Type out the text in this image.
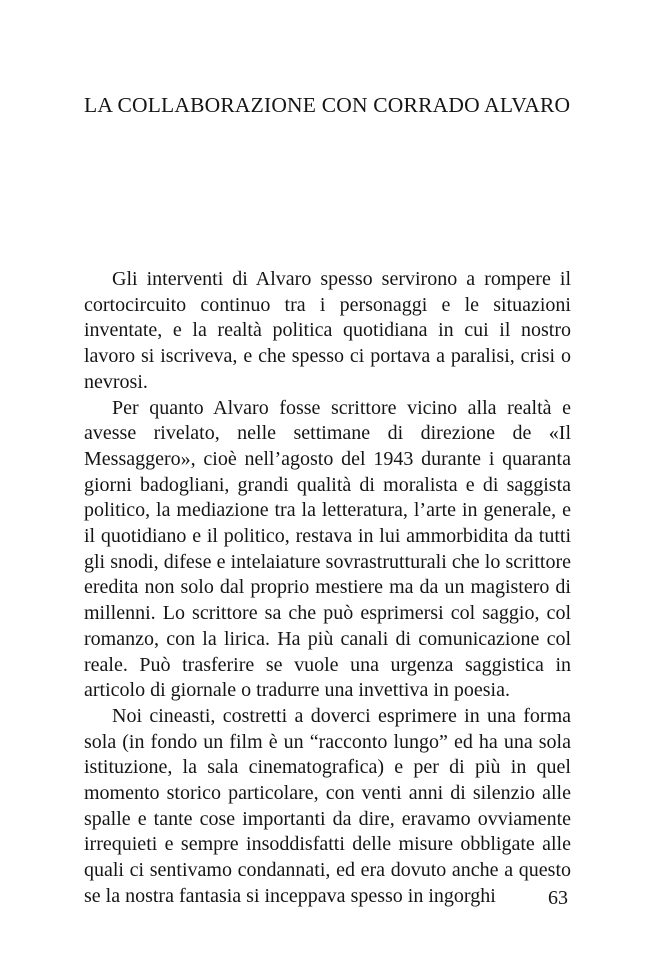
LA COLLABORAZIONE CON CORRADO ALVARO

Gli interventi di Alvaro spesso servirono a rompere il cortocircuito continuo tra i personaggi e le situazioni inventate, e la realtà politica quotidiana in cui il nostro lavoro si iscriveva, e che spesso ci portava a paralisi, crisi o nevrosi.

Per quanto Alvaro fosse scrittore vicino alla realtà e avesse rivelato, nelle settimane di direzione de «Il Messaggero», cioè nell’agosto del 1943 durante i quaranta giorni badogliani, grandi qualità di moralista e di saggista politico, la mediazione tra la letteratura, l’arte in generale, e il quotidiano e il politico, restava in lui ammorbidita da tutti gli snodi, difese e intelaiature sovrastrutturali che lo scrittore eredita non solo dal proprio mestiere ma da un magistero di millenni. Lo scrittore sa che può esprimersi col saggio, col romanzo, con la lirica. Ha più canali di comunicazione col reale. Può trasferire se vuole una urgenza saggistica in articolo di giornale o tradurre una invettiva in poesia.

Noi cineasti, costretti a doverci esprimere in una forma sola (in fondo un film è un “racconto lungo” ed ha una sola istituzione, la sala cinematografica) e per di più in quel momento storico particolare, con venti anni di silenzio alle spalle e tante cose importanti da dire, eravamo ovviamente irrequieti e sempre insoddisfatti delle misure obbligate alle quali ci sentivamo condannati, ed era dovuto anche a questo se la nostra fantasia si inceppava spesso in ingorghi	63
